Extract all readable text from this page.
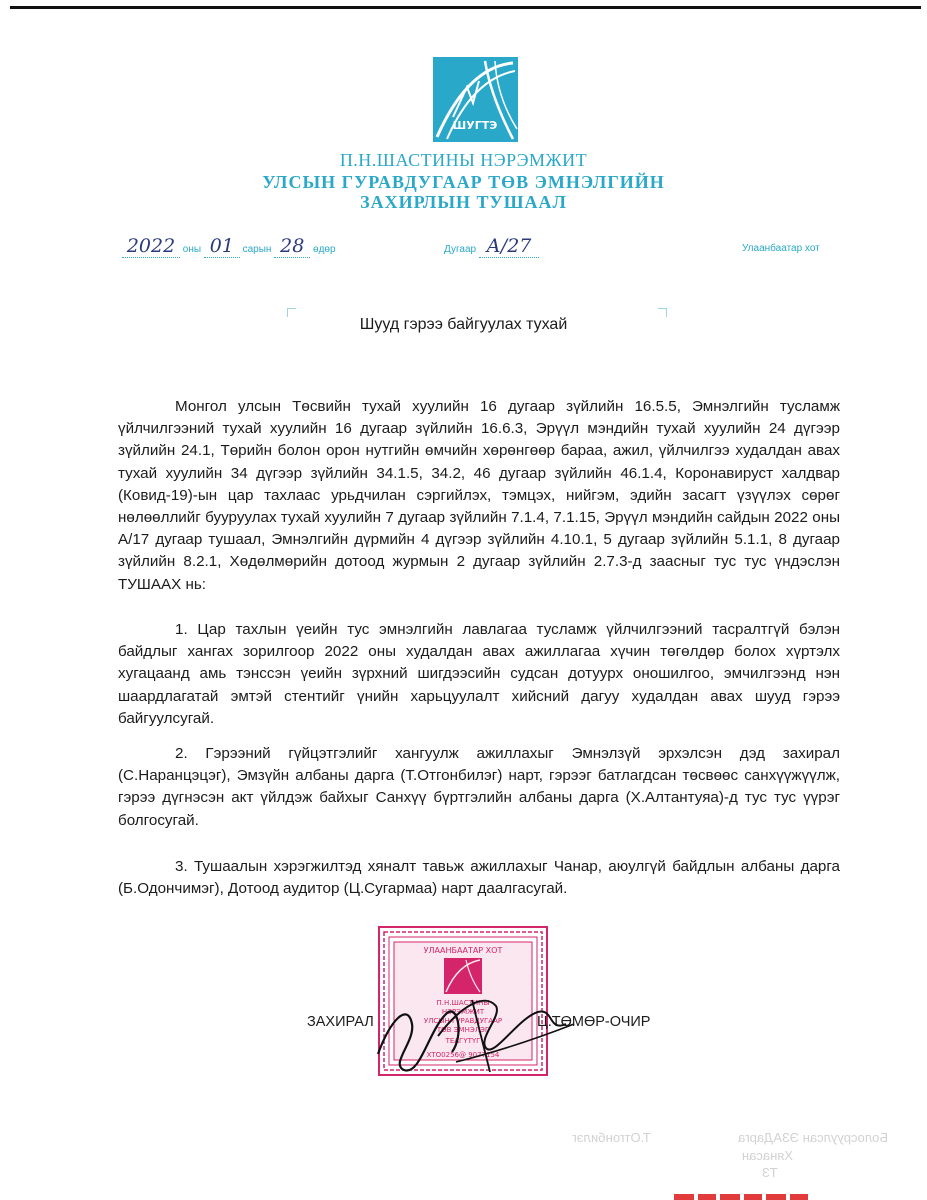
ШУГТЭ
П.Н.ШАСТИНЫ НЭРЭМЖИТ
УЛСЫН ГУРАВДУГААР ТӨВ ЭМНЭЛГИЙН
ЗАХИРЛЫН ТУШААЛ
2022 оны 01 сарын 28 өдөр	Дугаар А/27	Улаанбаатар хот
Шууд гэрээ байгуулах тухай

Монгол улсын Төсвийн тухай хуулийн 16 дугаар зүйлийн 16.5.5, Эмнэлгийн тусламж үйлчилгээний тухай хуулийн 16 дугаар зүйлийн 16.6.3, Эрүүл мэндийн тухай хуулийн 24 дүгээр зүйлийн 24.1, Төрийн болон орон нутгийн өмчийн хөрөнгөөр бараа, ажил, үйлчилгээ худалдан авах тухай хуулийн 34 дүгээр зүйлийн 34.1.5, 34.2, 46 дугаар зүйлийн 46.1.4, Коронавируст халдвар (Ковид-19)-ын цар тахлаас урьдчилан сэргийлэх, тэмцэх, нийгэм, эдийн засагт үзүүлэх сөрөг нөлөөллийг бууруулах тухай хуулийн 7 дугаар зүйлийн 7.1.4, 7.1.15, Эрүүл мэндийн сайдын 2022 оны А/17 дугаар тушаал, Эмнэлгийн дүрмийн 4 дүгээр зүйлийн 4.10.1, 5 дугаар зүйлийн 5.1.1, 8 дугаар зүйлийн 8.2.1, Хөдөлмөрийн дотоод журмын 2 дугаар зүйлийн 2.7.3-д заасныг тус тус үндэслэн ТУШААХ нь:

1. Цар тахлын үеийн тус эмнэлгийн лавлагаа тусламж үйлчилгээний тасралтгүй бэлэн байдлыг хангах зорилгоор 2022 оны худалдан авах ажиллагаа хүчин төгөлдөр болох хүртэлх хугацаанд амь тэнссэн үеийн зүрхний шигдээсийн судсан дотуурх оношилгоо, эмчилгээнд нэн шаардлагатай эмтэй стентийг үнийн харьцуулалт хийсний дагуу худалдан авах шууд гэрээ байгуулсугай.

2. Гэрээний гүйцэтгэлийг хангуулж ажиллахыг Эмнэлзүй эрхэлсэн дэд захирал (С.Наранцэцэг), Эмзүйн албаны дарга (Т.Отгонбилэг) нарт, гэрээг батлагдсан төсвөөс санхүүжүүлж, гэрээ дүгнэсэн акт үйлдэж байхыг Санхүү бүртгэлийн албаны дарга (Х.Алтантуяа)-д тус тус үүрэг болгосугай.

3. Тушаалын хэрэгжилтэд хяналт тавьж ажиллахыг Чанар, аюулгүй байдлын албаны дарга (Б.Одончимэг), Дотоод аудитор (Ц.Сугармаа) нарт даалгасугай.

УЛААНБААТАР ХОТ
П.Н.ШАСТИНЫ
НЭРЭМЖИТ
УЛСЫН ГУРАВДУГААР
ТӨВ ЭМНЭЛЭГ
ТЕАГҮТҮГ
ХТО0256@ 9077154
ЗАХИРАЛ	Ц.ТӨМӨР-ОЧИР
Болосруулсан ЭЗАДарга
Т.Отгонбилэг
Хянасан
ТЗ
